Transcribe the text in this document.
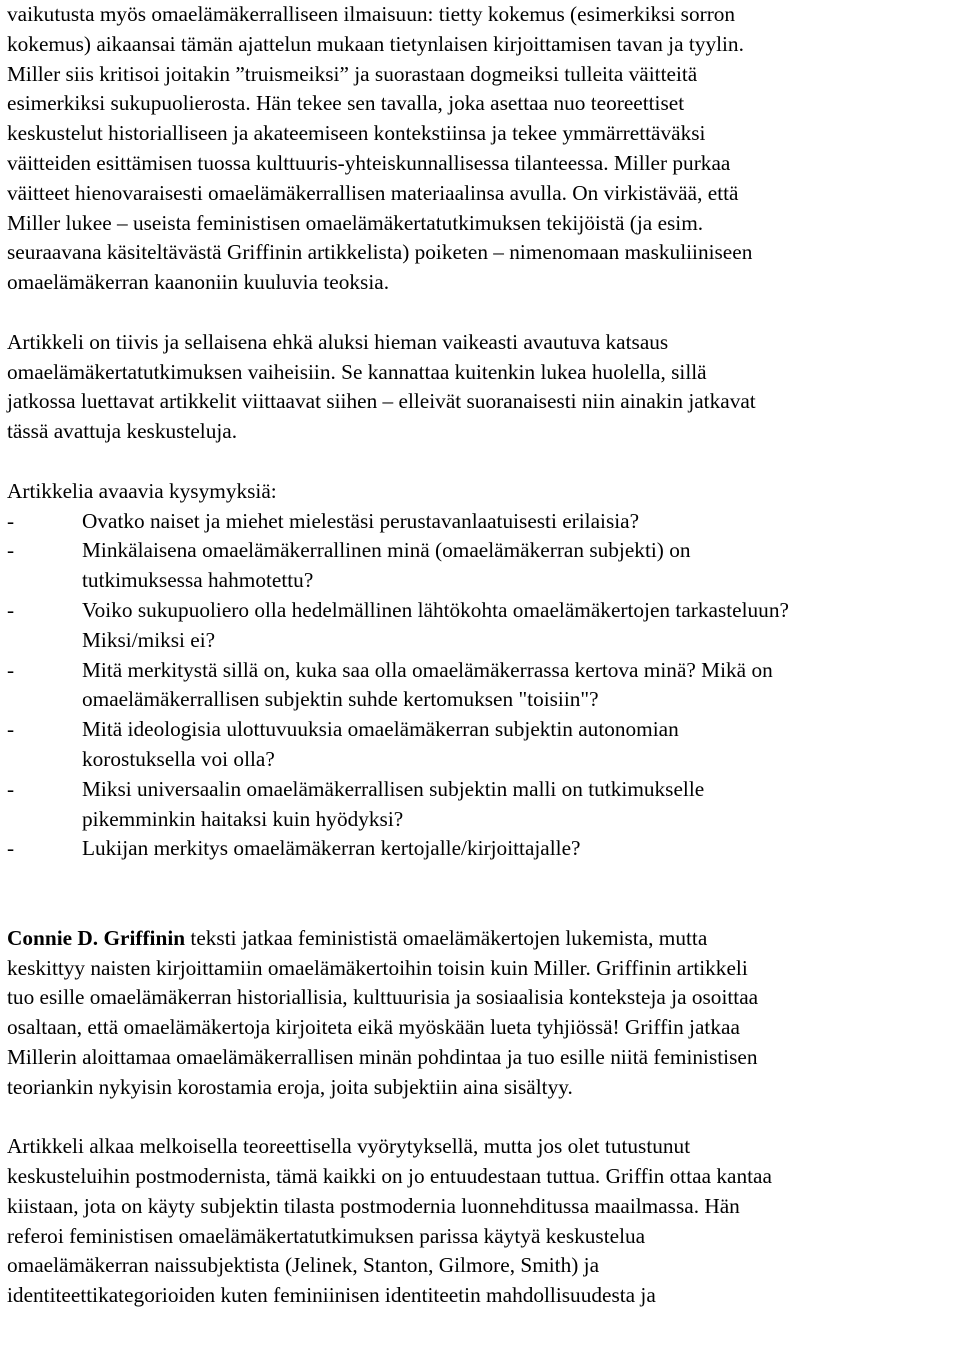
vaikutusta myös omaelämäkerralliseen ilmaisuun: tietty kokemus (esimerkiksi sorron
kokemus) aikaansai tämän ajattelun mukaan tietynlaisen kirjoittamisen tavan ja tyylin.
Miller siis kritisoi joitakin ”truismeiksi” ja suorastaan dogmeiksi tulleita väitteitä
esimerkiksi sukupuolierosta. Hän tekee sen tavalla, joka asettaa nuo teoreettiset
keskustelut historialliseen ja akateemiseen kontekstiinsa ja tekee ymmärrettäväksi
väitteiden esittämisen tuossa kulttuuris-yhteiskunnallisessa tilanteessa. Miller purkaa
väitteet hienovaraisesti omaelämäkerrallisen materiaalinsa avulla. On virkistävää, että
Miller lukee – useista feministisen omaelämäkertatutkimuksen tekijöistä (ja esim.
seuraavana käsiteltävästä Griffinin artikkelista) poiketen – nimenomaan maskuliiniseen
omaelämäkerran kaanoniin kuuluvia teoksia.
Artikkeli on tiivis ja sellaisena ehkä aluksi hieman vaikeasti avautuva katsaus
omaelämäkertatutkimuksen vaiheisiin. Se kannattaa kuitenkin lukea huolella, sillä
jatkossa luettavat artikkelit viittaavat siihen – elleivät suoranaisesti niin ainakin jatkavat
tässä avattuja keskusteluja.
Artikkelia avaavia kysymyksiä:
-	Ovatko naiset ja miehet mielestäsi perustavanlaatuisesti erilaisia?
-	Minkälaisena omaelämäkerrallinen minä (omaelämäkerran subjekti) on
tutkimuksessa hahmotettu?
-	Voiko sukupuoliero olla hedelmällinen lähtökohta omaelämäkertojen tarkasteluun?
Miksi/miksi ei?
-	Mitä merkitystä sillä on, kuka saa olla omaelämäkerrassa kertova minä? Mikä on
omaelämäkerrallisen subjektin suhde kertomuksen "toisiin"?
-	Mitä ideologisia ulottuvuuksia omaelämäkerran subjektin autonomian
korostuksella voi olla?
-	Miksi universaalin omaelämäkerrallisen subjektin malli on tutkimukselle
pikemminkin haitaksi kuin hyödyksi?
-	Lukijan merkitys omaelämäkerran kertojalle/kirjoittajalle?
Connie D. Griffinin teksti jatkaa feminististä omaelämäkertojen lukemista, mutta
keskittyy naisten kirjoittamiin omaelämäkertoihin toisin kuin Miller. Griffinin artikkeli
tuo esille omaelämäkerran historiallisia, kulttuurisia ja sosiaalisia konteksteja ja osoittaa
osaltaan, että omaelämäkertoja kirjoiteta eikä myöskään lueta tyhjiössä! Griffin jatkaa
Millerin aloittamaa omaelämäkerrallisen minän pohdintaa ja tuo esille niitä feministisen
teoriankin nykyisin korostamia eroja, joita subjektiin aina sisältyy.
Artikkeli alkaa melkoisella teoreettisella vyörytyksellä, mutta jos olet tutustunut
keskusteluihin postmodernista, tämä kaikki on jo entuudestaan tuttua. Griffin ottaa kantaa
kiistaan, jota on käyty subjektin tilasta postmodernia luonnehditussa maailmassa. Hän
referoi feministisen omaelämäkertatutkimuksen parissa käytyä keskustelua
omaelämäkerran naissubjektista (Jelinek, Stanton, Gilmore, Smith) ja
identiteettikategorioiden kuten feminiinisen identiteetin mahdollisuudesta ja
